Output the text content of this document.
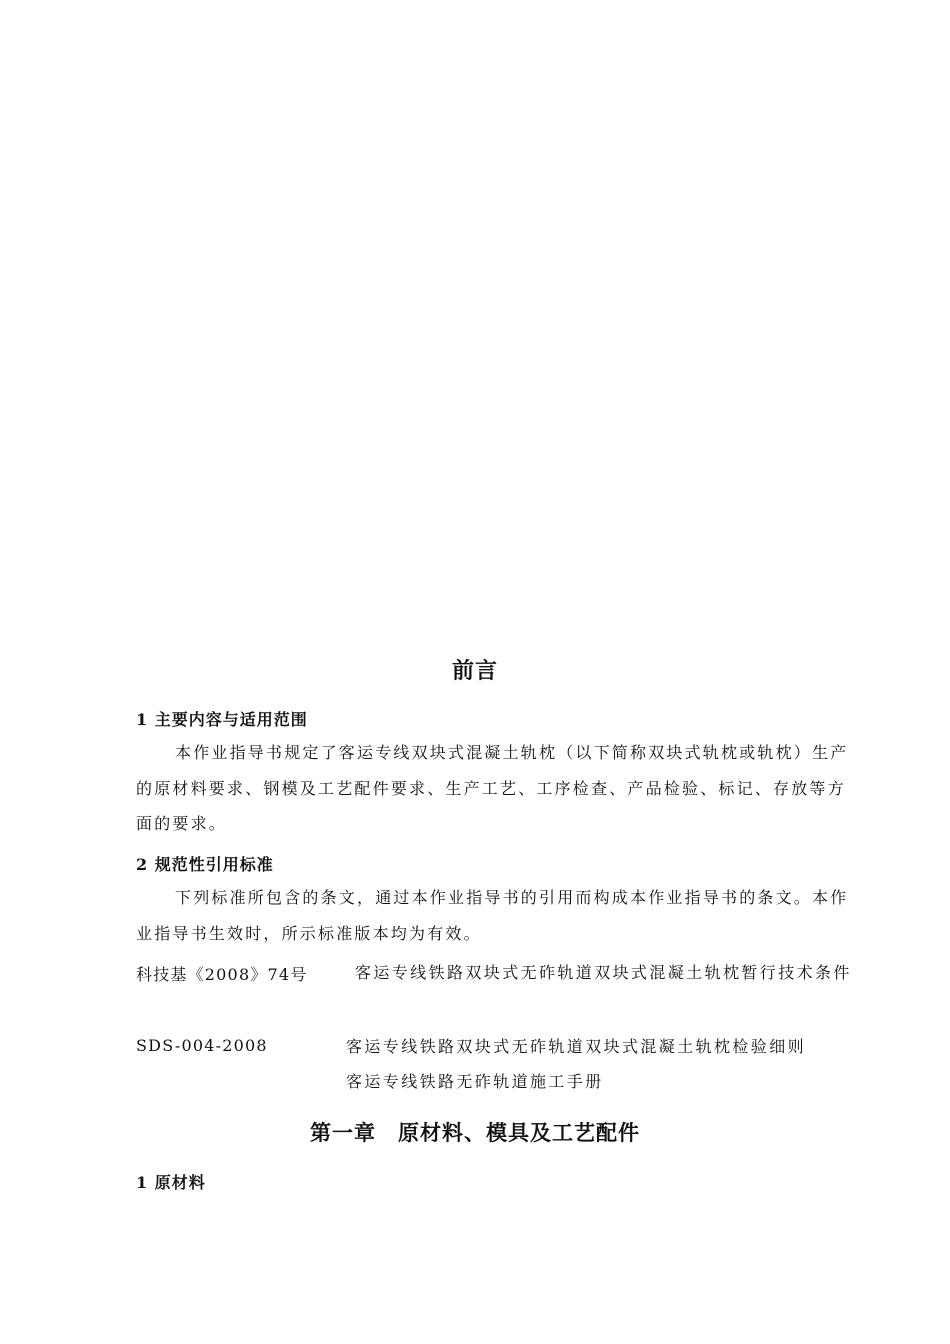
前言
1 主要内容与适用范围
本作业指导书规定了客运专线双块式混凝土轨枕（以下简称双块式轨枕或轨枕）生产的原材料要求、钢模及工艺配件要求、生产工艺、工序检查、产品检验、标记、存放等方面的要求。
2 规范性引用标准
下列标准所包含的条文，通过本作业指导书的引用而构成本作业指导书的条文。本作业指导书生效时，所示标准版本均为有效。
科技基《2008》74号	客运专线铁路双块式无砟轨道双块式混凝土轨枕暂行技术条件
SDS-004-2008	客运专线铁路双块式无砟轨道双块式混凝土轨枕检验细则
客运专线铁路无砟轨道施工手册
第一章　原材料、模具及工艺配件
1 原材料
